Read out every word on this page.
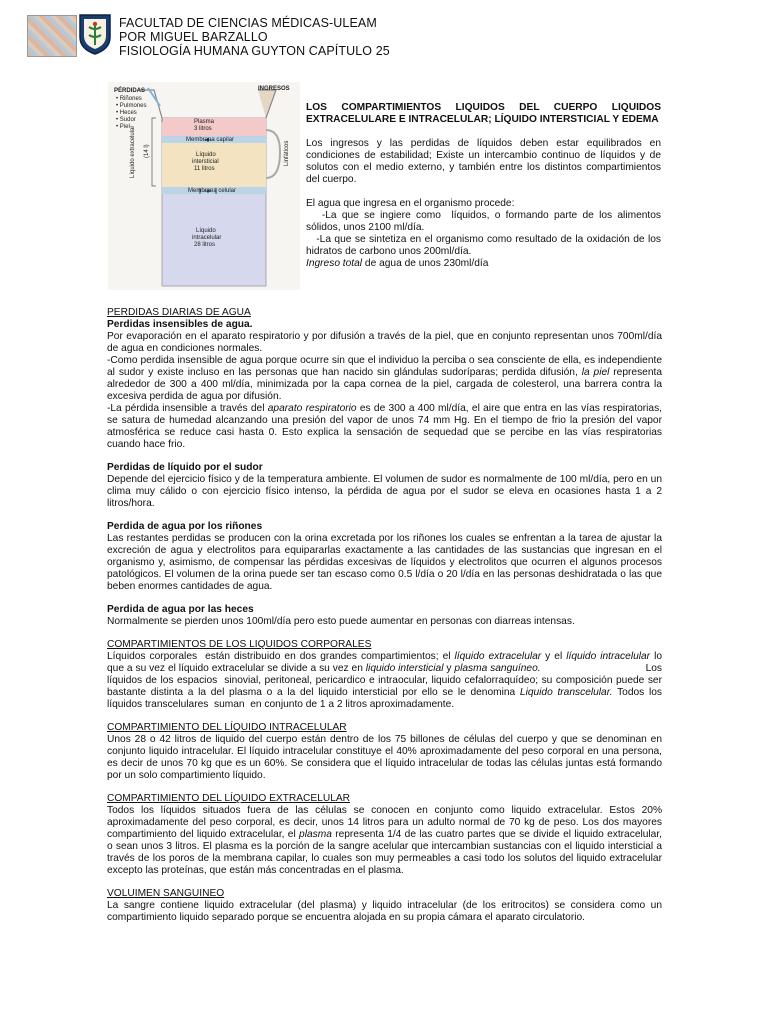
FACULTAD DE CIENCIAS MÉDICAS-ULEAM
POR MIGUEL BARZALLO
FISIOLOGÍA HUMANA GUYTON CAPÍTULO 25
PÉRDIDAS
• Riñones
• Pulmones
• Heces
• Sudor
• Piel
INGRESOS
Líquido extracelular (14 l)	Linfáticos
Plasma
3 litros
Membrana capilar
Líquido
intersticial
11 litros
Membrana celular
Líquido
intracelular
28 litros

LOS COMPARTIMIENTOS LIQUIDOS DEL CUERPO LIQUIDOS EXTRACELULARE E INTRACELULAR; LÍQUIDO INTERSTICIAL Y EDEMA

Los ingresos y las perdidas de líquidos deben estar equilibrados en condiciones de estabilidad; Existe un intercambio continuo de líquidos y de solutos con el medio externo, y también entre los distintos compartimientos del cuerpo.

El agua que ingresa en el organismo procede:
-La que se ingiere como  líquidos, o formando parte de los alimentos sólidos, unos 2100 ml/día.
-La que se sintetiza en el organismo como resultado de la oxidación de los hidratos de carbono unos 200ml/día.
Ingreso total de agua de unos 230ml/día

PERDIDAS DIARIAS DE AGUA

Perdidas insensibles de agua.

Por evaporación en el aparato respiratorio y por difusión a través de la piel, que en conjunto representan unos 700ml/día de agua en condiciones normales.

-Como perdida insensible de agua porque ocurre sin que el individuo la perciba o sea consciente de ella, es independiente al sudor y existe incluso en las personas que han nacido sin glándulas sudoríparas; perdida difusión, la piel representa alrededor de 300 a 400 ml/día, minimizada por la capa cornea de la piel, cargada de colesterol, una barrera contra la excesiva perdida de agua por difusión.

-La pérdida insensible a través del aparato respiratorio es de 300 a 400 ml/día, el aire que entra en las vías respiratorias, se satura de humedad alcanzando una presión del vapor de unos 74 mm Hg. En el tiempo de frio la presión del vapor atmosférica se reduce casi hasta 0. Esto explica la sensación de sequedad que se percibe en las vías respiratorias cuando hace frio.

Perdidas de líquido por el sudor

Depende del ejercicio físico y de la temperatura ambiente. El volumen de sudor es normalmente de 100 ml/día, pero en un clima muy cálido o con ejercicio físico intenso, la pérdida de agua por el sudor se eleva en ocasiones hasta 1 a 2 litros/hora.

Perdida de agua por los riñones

Las restantes perdidas se producen con la orina excretada por los riñones los cuales se enfrentan a la tarea de ajustar la excreción de agua y electrolitos para equipararlas exactamente a las cantidades de las sustancias que ingresan en el organismo y, asimismo, de compensar las pérdidas excesivas de líquidos y electrolitos que ocurren el algunos procesos patológicos. El volumen de la orina puede ser tan escaso como 0.5 l/día o 20 l/día en las personas deshidratada o las que beben enormes cantidades de agua.

Perdida de agua por las heces

Normalmente se pierden unos 100ml/día pero esto puede aumentar en personas con diarreas intensas.

COMPARTIMIENTOS DE LOS LIQUIDOS CORPORALES

Líquidos corporales  están distribuido en dos grandes compartimientos; el líquido extracelular y el líquido intracelular lo que a su vez el líquido extracelular se divide a su vez en liquido intersticial y plasma sanguíneo.                                    Los líquidos de los espacios  sinovial, peritoneal, pericardico e intraocular, liquido cefalorraquídeo; su composición puede ser bastante distinta a la del plasma o a la del liquido intersticial por ello se le denomina Liquido transcelular. Todos los líquidos transcelulares  suman  en conjunto de 1 a 2 litros aproximadamente.

COMPARTIMIENTO DEL LÍQUIDO INTRACELULAR

Unos 28 o 42 litros de liquido del cuerpo están dentro de los 75 billones de células del cuerpo y que se denominan en conjunto liquido intracelular. El líquido intracelular constituye el 40% aproximadamente del peso corporal en una persona, es decir de unos 70 kg que es un 60%. Se considera que el líquido intracelular de todas las células juntas está formando por un solo compartimiento líquido.

COMPARTIMIENTO DEL LÍQUIDO EXTRACELULAR

Todos los líquidos situados fuera de las células se conocen en conjunto como liquido extracelular. Estos 20% aproximadamente del peso corporal, es decir, unos 14 litros para un adulto normal de 70 kg de peso. Los dos mayores compartimiento del liquido extracelular, el plasma representa 1/4 de las cuatro partes que se divide el liquido extracelular, o sean unos 3 litros. El plasma es la porción de la sangre acelular que intercambian sustancias con el liquido intersticial a través de los poros de la membrana capilar, lo cuales son muy permeables a casi todo los solutos del liquido extracelular excepto las proteínas, que están más concentradas en el plasma.

VOLUIMEN SANGUINEO

La sangre contiene liquido extracelular (del plasma) y liquido intracelular (de los eritrocitos) se considera como un compartimiento liquido separado porque se encuentra alojada en su propia cámara el aparato circulatorio.
